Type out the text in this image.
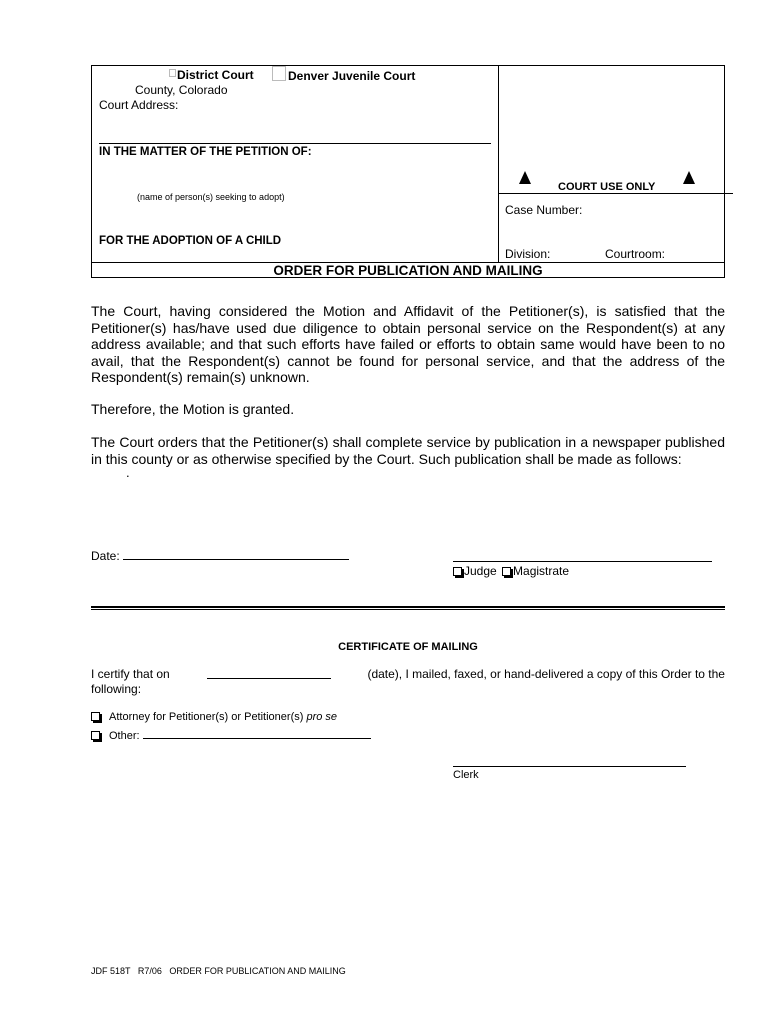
District Court	Denver Juvenile Court
County, Colorado
Court Address:
IN THE MATTER OF THE PETITION OF:
(name of person(s) seeking to adopt)
FOR THE ADOPTION OF A CHILD
COURT USE ONLY
Case Number:
Division:	Courtroom:
ORDER FOR PUBLICATION AND MAILING

The Court, having considered the Motion and Affidavit of the Petitioner(s), is satisfied that the Petitioner(s) has/have used due diligence to obtain personal service on the Respondent(s) at any address available; and that such efforts have failed or efforts to obtain same would have been to no avail, that the Respondent(s) cannot be found for personal service, and that the address of the Respondent(s) remain(s) unknown.

Therefore, the Motion is granted.

The Court orders that the Petitioner(s) shall complete service by publication in a newspaper published in this county or as otherwise specified by the Court. Such publication shall be made as follows:

.
Date:
Judge Magistrate
CERTIFICATE OF MAILING
I certify that on	(date), I mailed, faxed, or hand-delivered a copy of this Order to the
following:
Attorney for Petitioner(s) or Petitioner(s) pro se
Other:
Clerk
JDF 518T R7/06 ORDER FOR PUBLICATION AND MAILING
